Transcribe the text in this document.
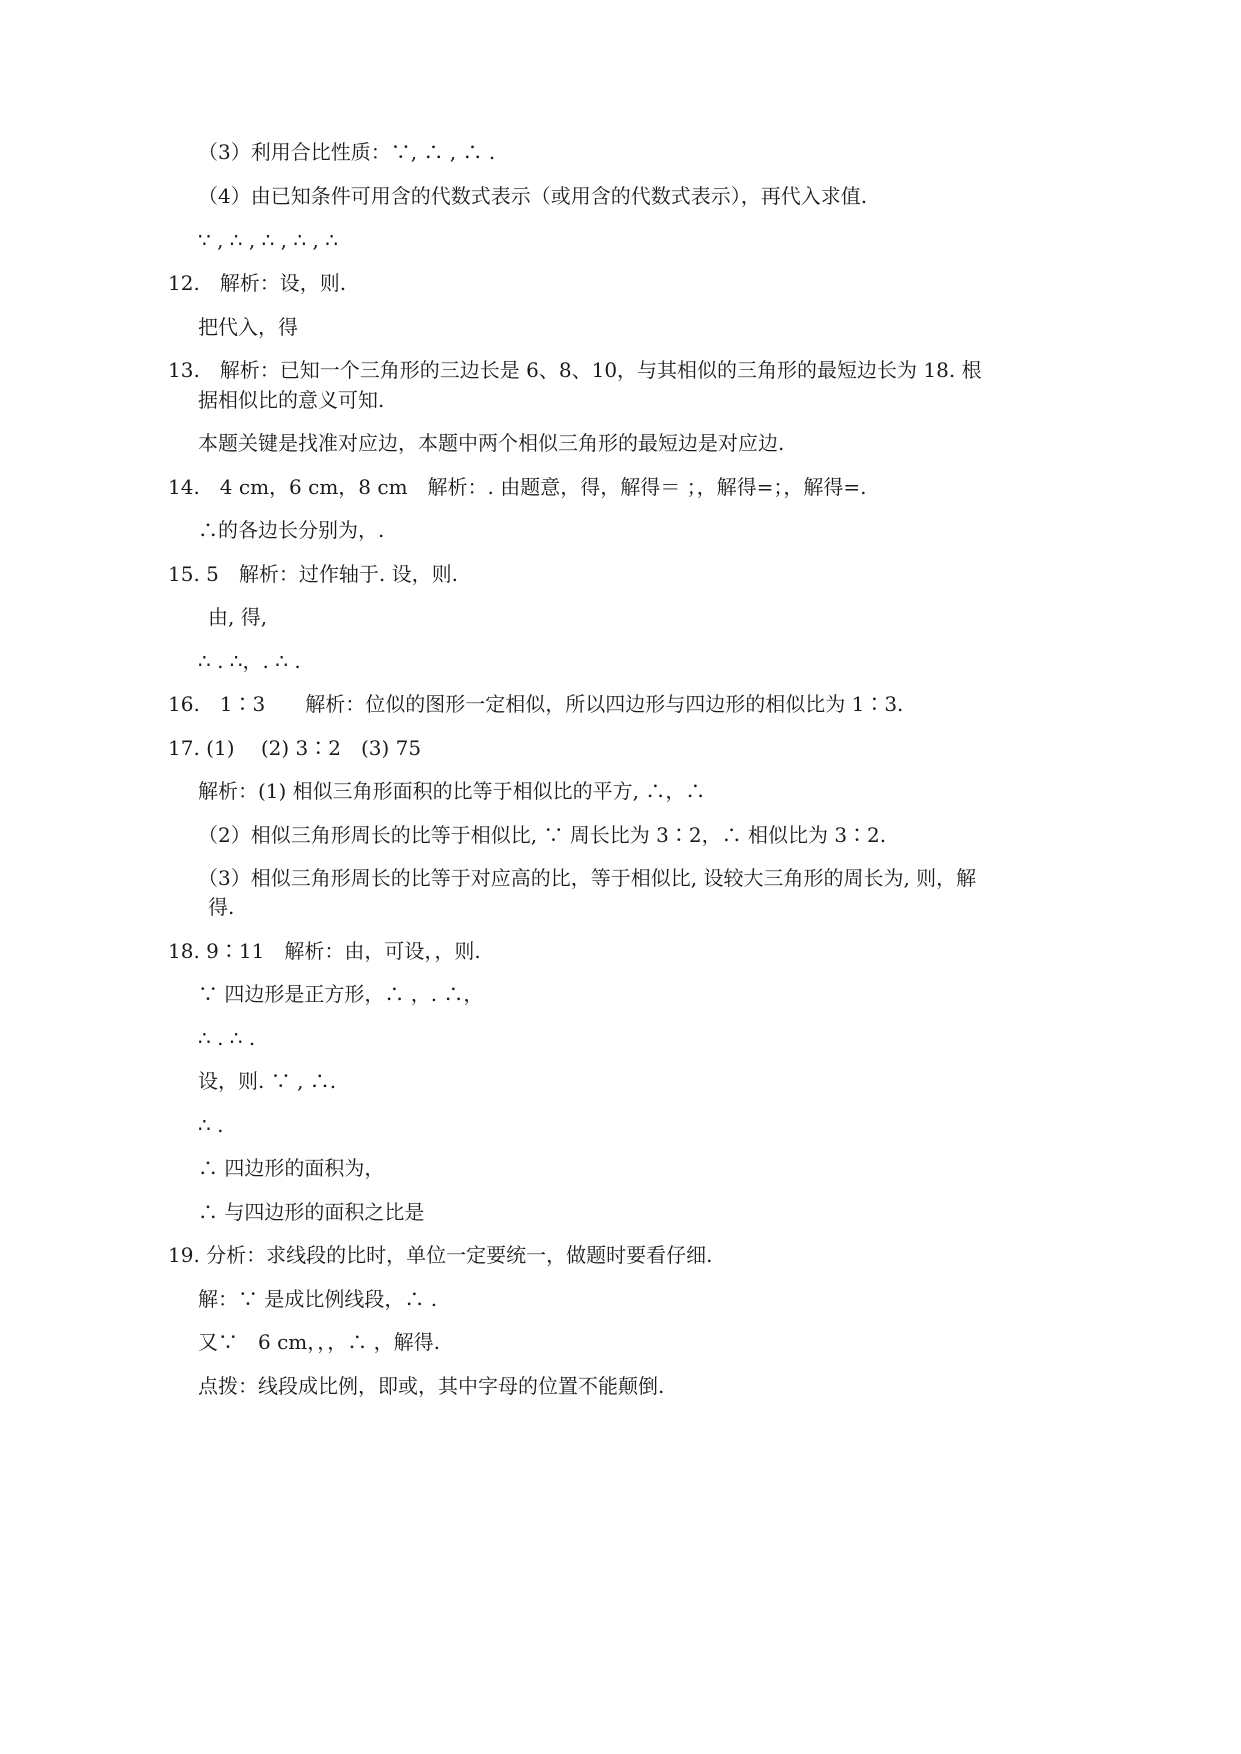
（3）利用合比性质：∵, ∴ , ∴ .
（4）由已知条件可用含的代数式表示（或用含的代数式表示），再代入求值.
∵ , ∴ , ∴ , ∴ , ∴
12.　解析：设，则.
把代入，得
13.　解析：已知一个三角形的三边长是 6、8、10，与其相似的三角形的最短边长为 18. 根
据相似比的意义可知.
本题关键是找准对应边，本题中两个相似三角形的最短边是对应边.
14.　4 cm，6 cm，8 cm　解析：. 由题意，得，解得＝ ；，解得=；，解得=.
∴的各边长分别为，.
15. 5　解析：过作轴于. 设，则.
由, 得,
∴ . ∴，. ∴ .
16.　1∶3　　解析：位似的图形一定相似，所以四边形与四边形的相似比为 1∶3.
17. (1)　 (2) 3∶2　(3) 75
解析：(1) 相似三角形面积的比等于相似比的平方, ∴，∴
（2）相似三角形周长的比等于相似比, ∵ 周长比为 3∶2，∴ 相似比为 3∶2.
（3）相似三角形周长的比等于对应高的比，等于相似比, 设较大三角形的周长为, 则，解
得.
18. 9∶11　解析：由，可设，，则.
∵ 四边形是正方形，∴ ，. ∴，
∴ . ∴ .
设，则. ∵ , ∴.
∴ .
∴ 四边形的面积为，
∴ 与四边形的面积之比是
19. 分析：求线段的比时，单位一定要统一，做题时要看仔细.
解：∵ 是成比例线段，∴ .
又∵　6 cm，，，∴ ，解得.
点拨：线段成比例，即或，其中字母的位置不能颠倒.
